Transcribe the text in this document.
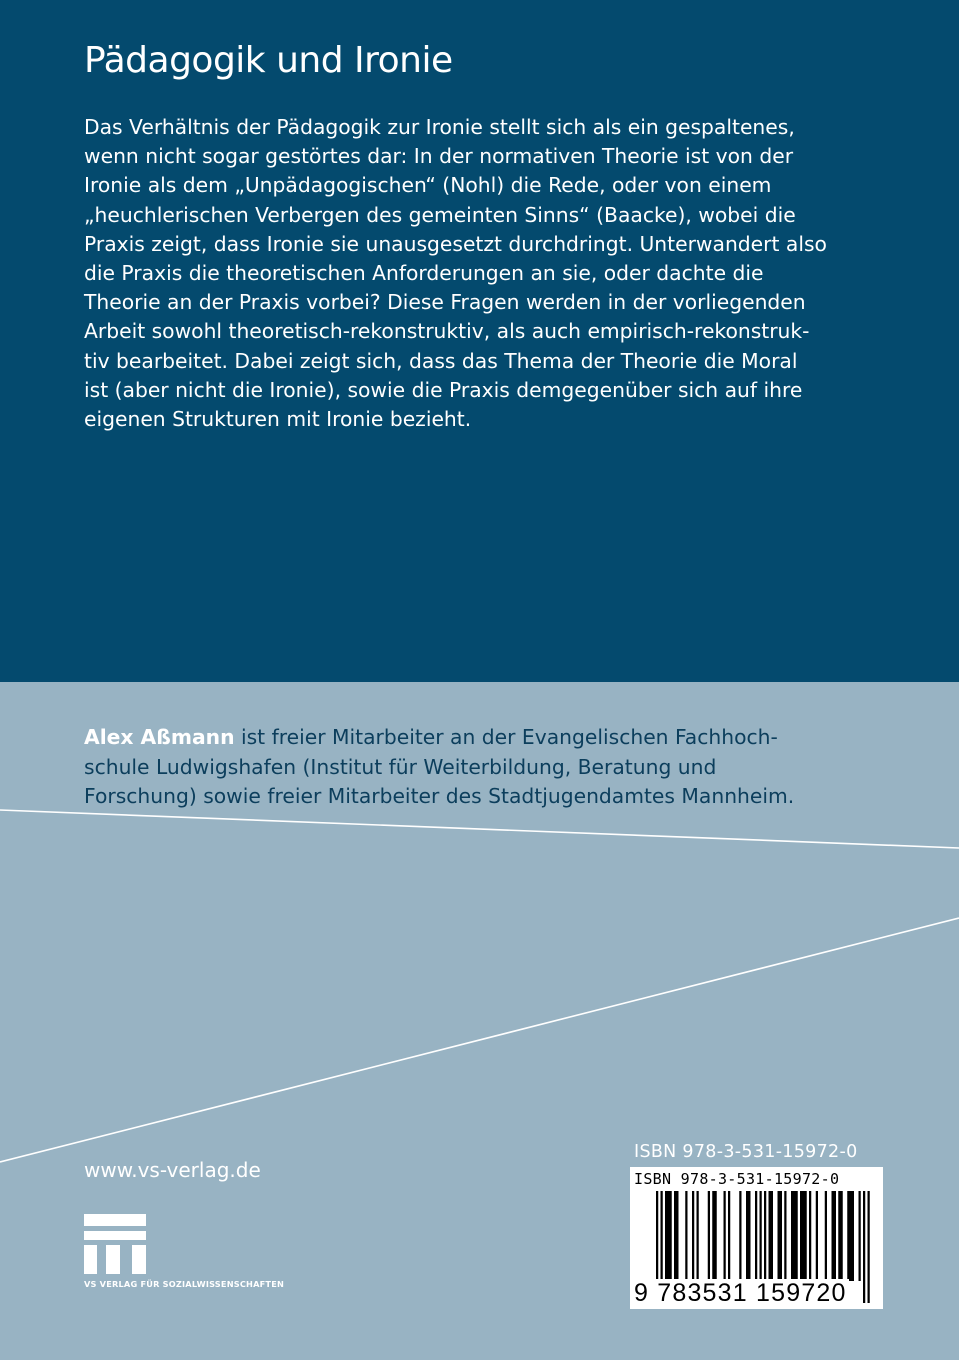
Pädagogik und Ironie
Das Verhältnis der Pädagogik zur Ironie stellt sich als ein gespaltenes,
wenn nicht sogar gestörtes dar: In der normativen Theorie ist von der
Ironie als dem „Unpädagogischen“ (Nohl) die Rede, oder von einem
„heuchlerischen Verbergen des gemeinten Sinns“ (Baacke), wobei die
Praxis zeigt, dass Ironie sie unausgesetzt durchdringt. Unterwandert also
die Praxis die theoretischen Anforderungen an sie, oder dachte die
Theorie an der Praxis vorbei? Diese Fragen werden in der vorliegenden
Arbeit sowohl theoretisch-rekonstruktiv, als auch empirisch-rekonstruk-
tiv bearbeitet. Dabei zeigt sich, dass das Thema der Theorie die Moral
ist (aber nicht die Ironie), sowie die Praxis demgegenüber sich auf ihre
eigenen Strukturen mit Ironie bezieht.
Alex Aßmann ist freier Mitarbeiter an der Evangelischen Fachhoch-
schule Ludwigshafen (Institut für Weiterbildung, Beratung und
Forschung) sowie freier Mitarbeiter des Stadtjugendamtes Mannheim.
www.vs-verlag.de
VS VERLAG FÜR SOZIALWISSENSCHAFTEN
ISBN 978-3-531-15972-0
ISBN 978-3-531-15972-0
9 783531 159720
